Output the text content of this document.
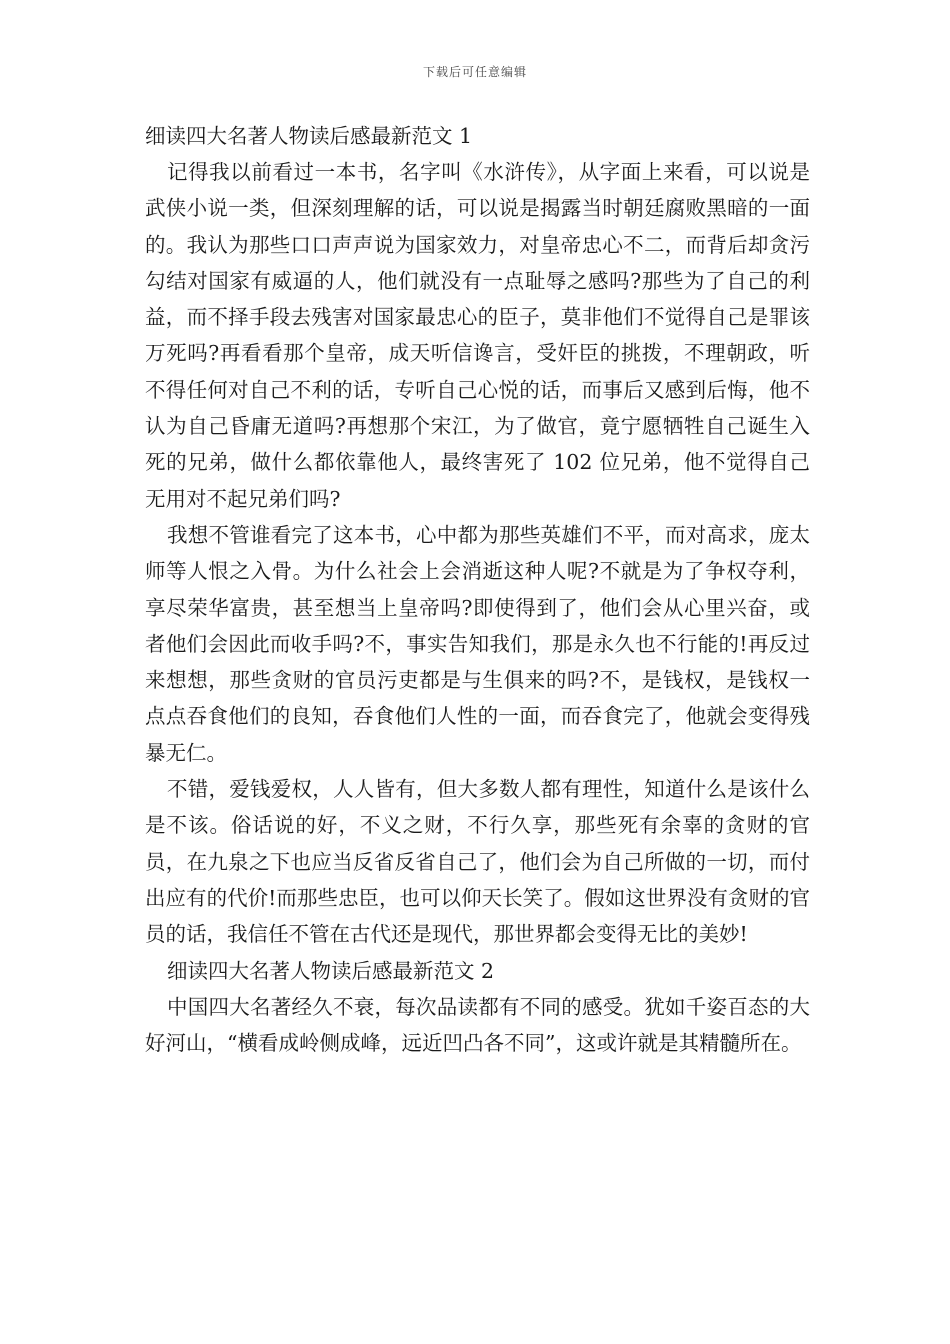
下载后可任意编辑
细读四大名著人物读后感最新范文 1

记得我以前看过一本书，名字叫《水浒传》，从字面上来看，可以说是武侠小说一类，但深刻理解的话，可以说是揭露当时朝廷腐败黑暗的一面的。我认为那些口口声声说为国家效力，对皇帝忠心不二，而背后却贪污勾结对国家有威逼的人，他们就没有一点耻辱之感吗?那些为了自己的利益，而不择手段去残害对国家最忠心的臣子，莫非他们不觉得自己是罪该万死吗?再看看那个皇帝，成天听信谗言，受奸臣的挑拨，不理朝政，听不得任何对自己不利的话，专听自己心悦的话，而事后又感到后悔，他不认为自己昏庸无道吗?再想那个宋江，为了做官，竟宁愿牺牲自己诞生入死的兄弟，做什么都依靠他人，最终害死了 102 位兄弟，他不觉得自己无用对不起兄弟们吗?

我想不管谁看完了这本书，心中都为那些英雄们不平，而对高求，庞太师等人恨之入骨。为什么社会上会消逝这种人呢?不就是为了争权夺利，享尽荣华富贵，甚至想当上皇帝吗?即使得到了，他们会从心里兴奋，或者他们会因此而收手吗?不，事实告知我们，那是永久也不行能的!再反过来想想，那些贪财的官员污吏都是与生俱来的吗?不，是钱权，是钱权一点点吞食他们的良知，吞食他们人性的一面，而吞食完了，他就会变得残暴无仁。

不错，爱钱爱权，人人皆有，但大多数人都有理性，知道什么是该什么是不该。俗话说的好，不义之财，不行久享，那些死有余辜的贪财的官员，在九泉之下也应当反省反省自己了，他们会为自己所做的一切，而付出应有的代价!而那些忠臣，也可以仰天长笑了。假如这世界没有贪财的官员的话，我信任不管在古代还是现代，那世界都会变得无比的美妙!

细读四大名著人物读后感最新范文 2

中国四大名著经久不衰，每次品读都有不同的感受。犹如千姿百态的大好河山，“横看成岭侧成峰，远近凹凸各不同”，这或许就是其精髓所在。
